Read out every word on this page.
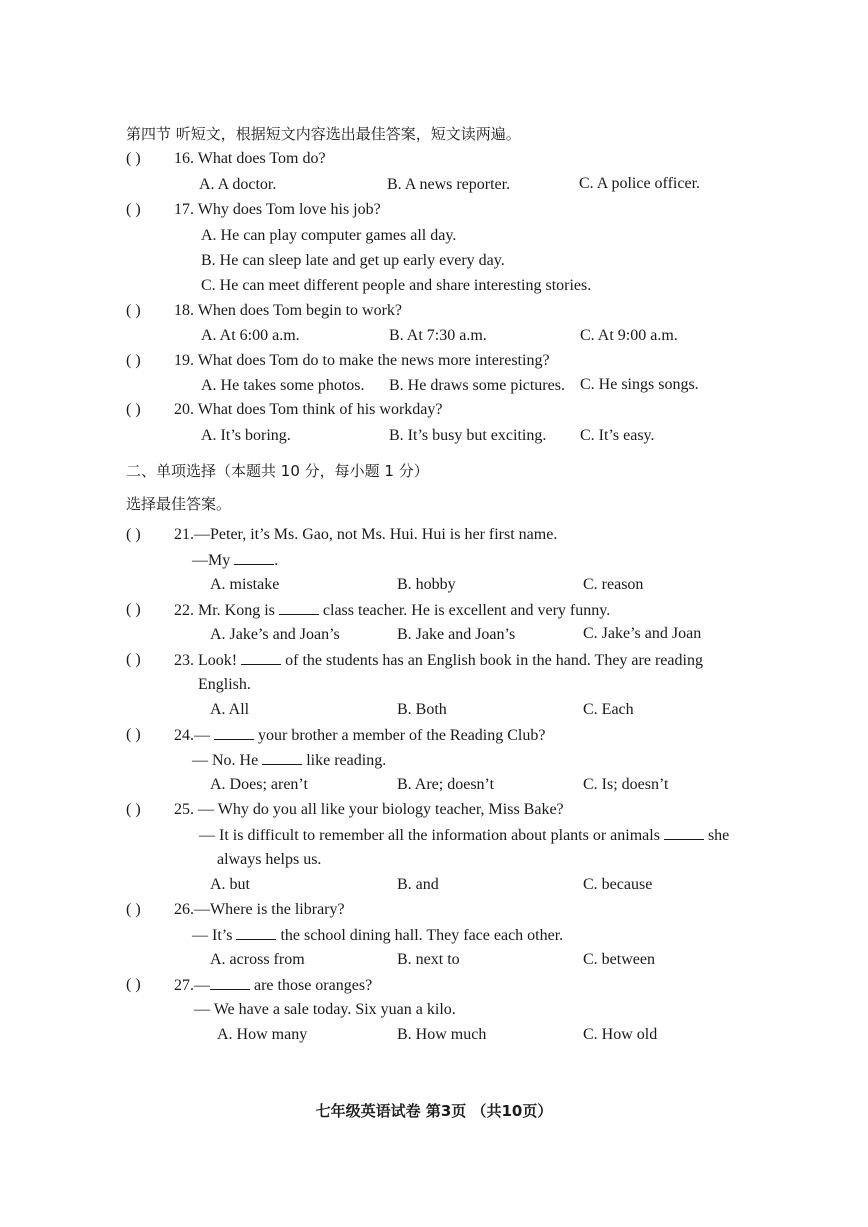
第四节 听短文，根据短文内容选出最佳答案，短文读两遍。
( ) 16. What does Tom do?
A. A doctor.	B. A news reporter.	C. A police officer.
( ) 17. Why does Tom love his job?
A. He can play computer games all day.
B. He can sleep late and get up early every day.
C. He can meet different people and share interesting stories.
( ) 18. When does Tom begin to work?
A. At 6:00 a.m.	B. At 7:30 a.m.	C. At 9:00 a.m.
( ) 19. What does Tom do to make the news more interesting?
A. He takes some photos. B. He draws some pictures. C. He sings songs.
( ) 20. What does Tom think of his workday?
A. It’s boring.	B. It’s busy but exciting. C. It’s easy.
二、单项选择（本题共 10 分，每小题 1 分）
选择最佳答案。
( ) 21.—Peter, it’s Ms. Gao, not Ms. Hui. Hui is her first name.
—My	.
A. mistake	B. hobby	C. reason
( ) 22. Mr. Kong is	class teacher. He is excellent and very funny.
A. Jake’s and Joan’s	B. Jake and Joan’s	C. Jake’s and Joan
( ) 23. Look!	of the students has an English book in the hand. They are reading
English.
A. All	B. Both	C. Each
( ) 24.—	your brother a member of the Reading Club?
— No. He	like reading.
A. Does; aren’t	B. Are; doesn’t	C. Is; doesn’t
( ) 25. — Why do you all like your biology teacher, Miss Bake?
— It is difficult to remember all the information about plants or animals	she
always helps us.
A. but	B. and	C. because
( ) 26.—Where is the library?
— It’s	the school dining hall. They face each other.
A. across from	B. next to	C. between
( ) 27.—	are those oranges?
— We have a sale today. Six yuan a kilo.
A. How many	B. How much	C. How old
七年级英语试卷 第3页 （共10页）
